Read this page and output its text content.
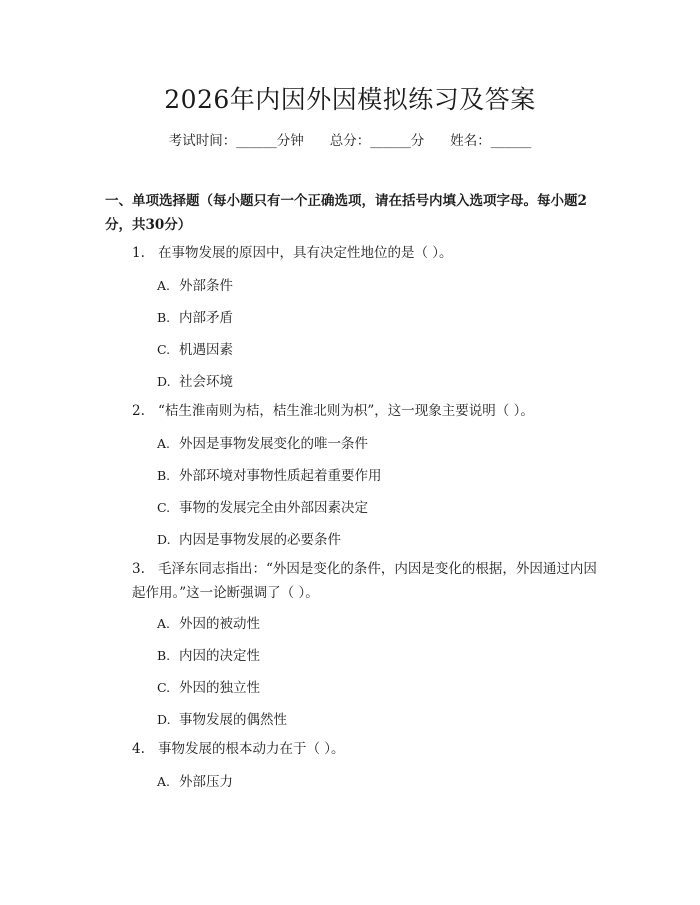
2026年内因外因模拟练习及答案
考试时间：______分钟 总分：______分 姓名：______
一、单项选择题（每小题只有一个正确选项，请在括号内填入选项字母。每小题2分，共30分）
1. 在事物发展的原因中，具有决定性地位的是（ ）。
A. 外部条件
B. 内部矛盾
C. 机遇因素
D. 社会环境
2. “桔生淮南则为桔，桔生淮北则为枳”，这一现象主要说明（ ）。
A. 外因是事物发展变化的唯一条件
B. 外部环境对事物性质起着重要作用
C. 事物的发展完全由外部因素决定
D. 内因是事物发展的必要条件
3. 毛泽东同志指出：“外因是变化的条件，内因是变化的根据，外因通过内因起作用。”这一论断强调了（ ）。
A. 外因的被动性
B. 内因的决定性
C. 外因的独立性
D. 事物发展的偶然性
4. 事物发展的根本动力在于（ ）。
A. 外部压力
